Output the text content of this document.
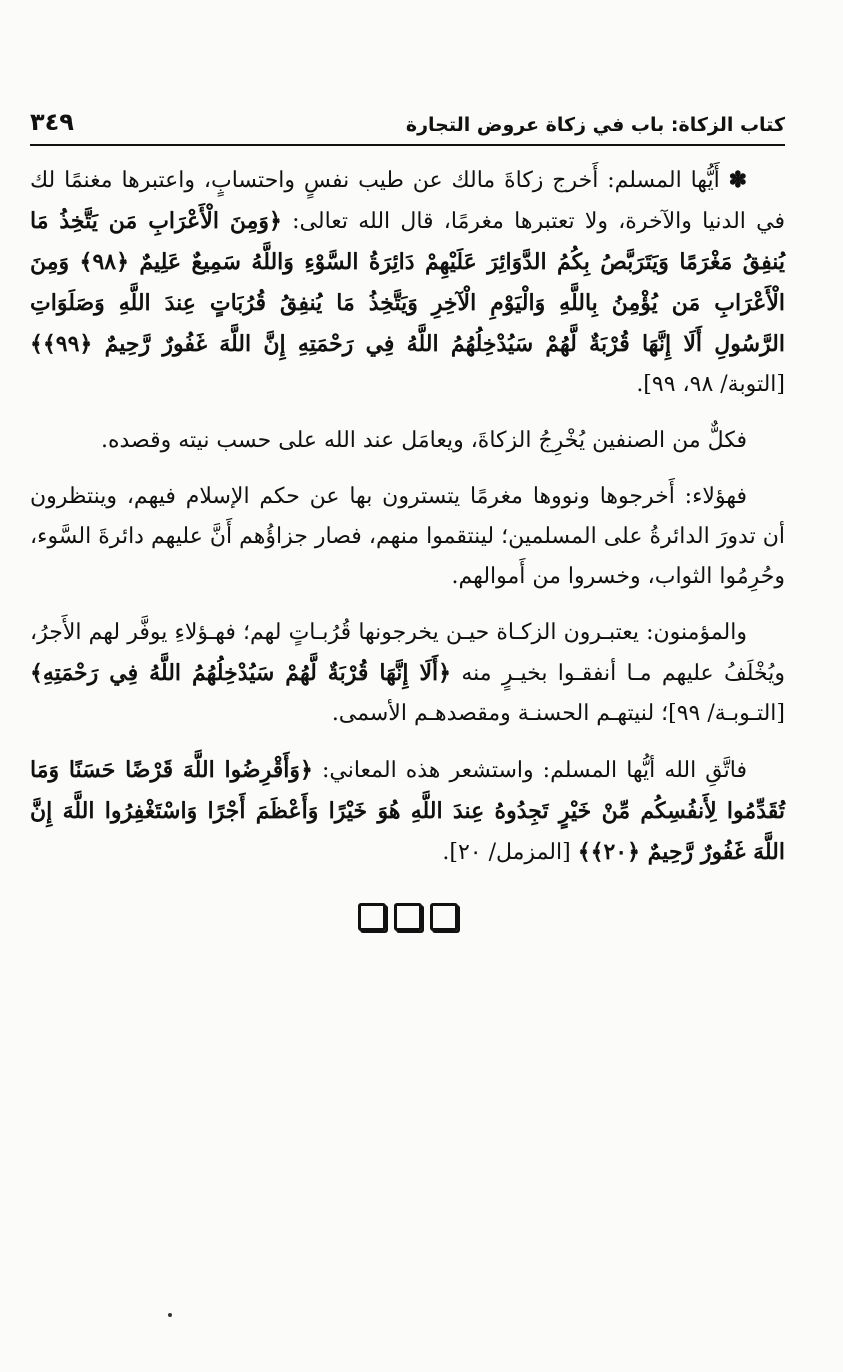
كتاب الزكاة: باب في زكاة عروض التجارة
٣٤٩

✽ أَيُّها المسلم: أَخرج زكاةَ مالك عن طيب نفسٍ واحتسابٍ، واعتبرها مغنمًا لك في الدنيا والآخرة، ولا تعتبرها مغرمًا، قال الله تعالى: ﴿وَمِنَ الْأَعْرَابِ مَن يَتَّخِذُ مَا يُنفِقُ مَغْرَمًا وَيَتَرَبَّصُ بِكُمُ الدَّوَائِرَ عَلَيْهِمْ دَائِرَةُ السَّوْءِ وَاللَّهُ سَمِيعٌ عَلِيمٌ ﴿٩٨﴾ وَمِنَ الْأَعْرَابِ مَن يُؤْمِنُ بِاللَّهِ وَالْيَوْمِ الْآخِرِ وَيَتَّخِذُ مَا يُنفِقُ قُرُبَاتٍ عِندَ اللَّهِ وَصَلَوَاتِ الرَّسُولِ أَلَا إِنَّهَا قُرْبَةٌ لَّهُمْ سَيُدْخِلُهُمُ اللَّهُ فِي رَحْمَتِهِ إِنَّ اللَّهَ غَفُورٌ رَّحِيمٌ ﴿٩٩﴾﴾ [التوبة/ ٩٨، ٩٩].

فكلٌّ من الصنفين يُخْرِجُ الزكاةَ، ويعامَل عند الله على حسب نيته وقصده.

فهؤلاء: أَخرجوها ونووها مغرمًا يتسترون بها عن حكم الإسلام فيهم، وينتظرون أن تدورَ الدائرةُ على المسلمين؛ لينتقموا منهم، فصار جزاؤُهم أَنَّ عليهم دائرةَ السَّوء، وحُرِمُوا الثواب، وخسروا من أَموالهم.

والمؤمنون: يعتبـرون الزكـاة حيـن يخرجونها قُرُبـاتٍ لهم؛ فهـؤلاءِ يوفَّر لهم الأَجرُ، ويُخْلَفُ عليهم مـا أنفقـوا بخيـرٍ منه ﴿أَلَا إِنَّهَا قُرْبَةٌ لَّهُمْ سَيُدْخِلُهُمُ اللَّهُ فِي رَحْمَتِهِ﴾ [التـوبـة/ ٩٩]؛ لنيتهـم الحسنـة ومقصدهـم الأسمى.

فاتَّقِ الله أيُّها المسلم: واستشعر هذه المعاني: ﴿وَأَقْرِضُوا اللَّهَ قَرْضًا حَسَنًا وَمَا تُقَدِّمُوا لِأَنفُسِكُم مِّنْ خَيْرٍ تَجِدُوهُ عِندَ اللَّهِ هُوَ خَيْرًا وَأَعْظَمَ أَجْرًا وَاسْتَغْفِرُوا اللَّهَ إِنَّ اللَّهَ غَفُورٌ رَّحِيمٌ ﴿٢٠﴾﴾ [المزمل/ ٢٠].
